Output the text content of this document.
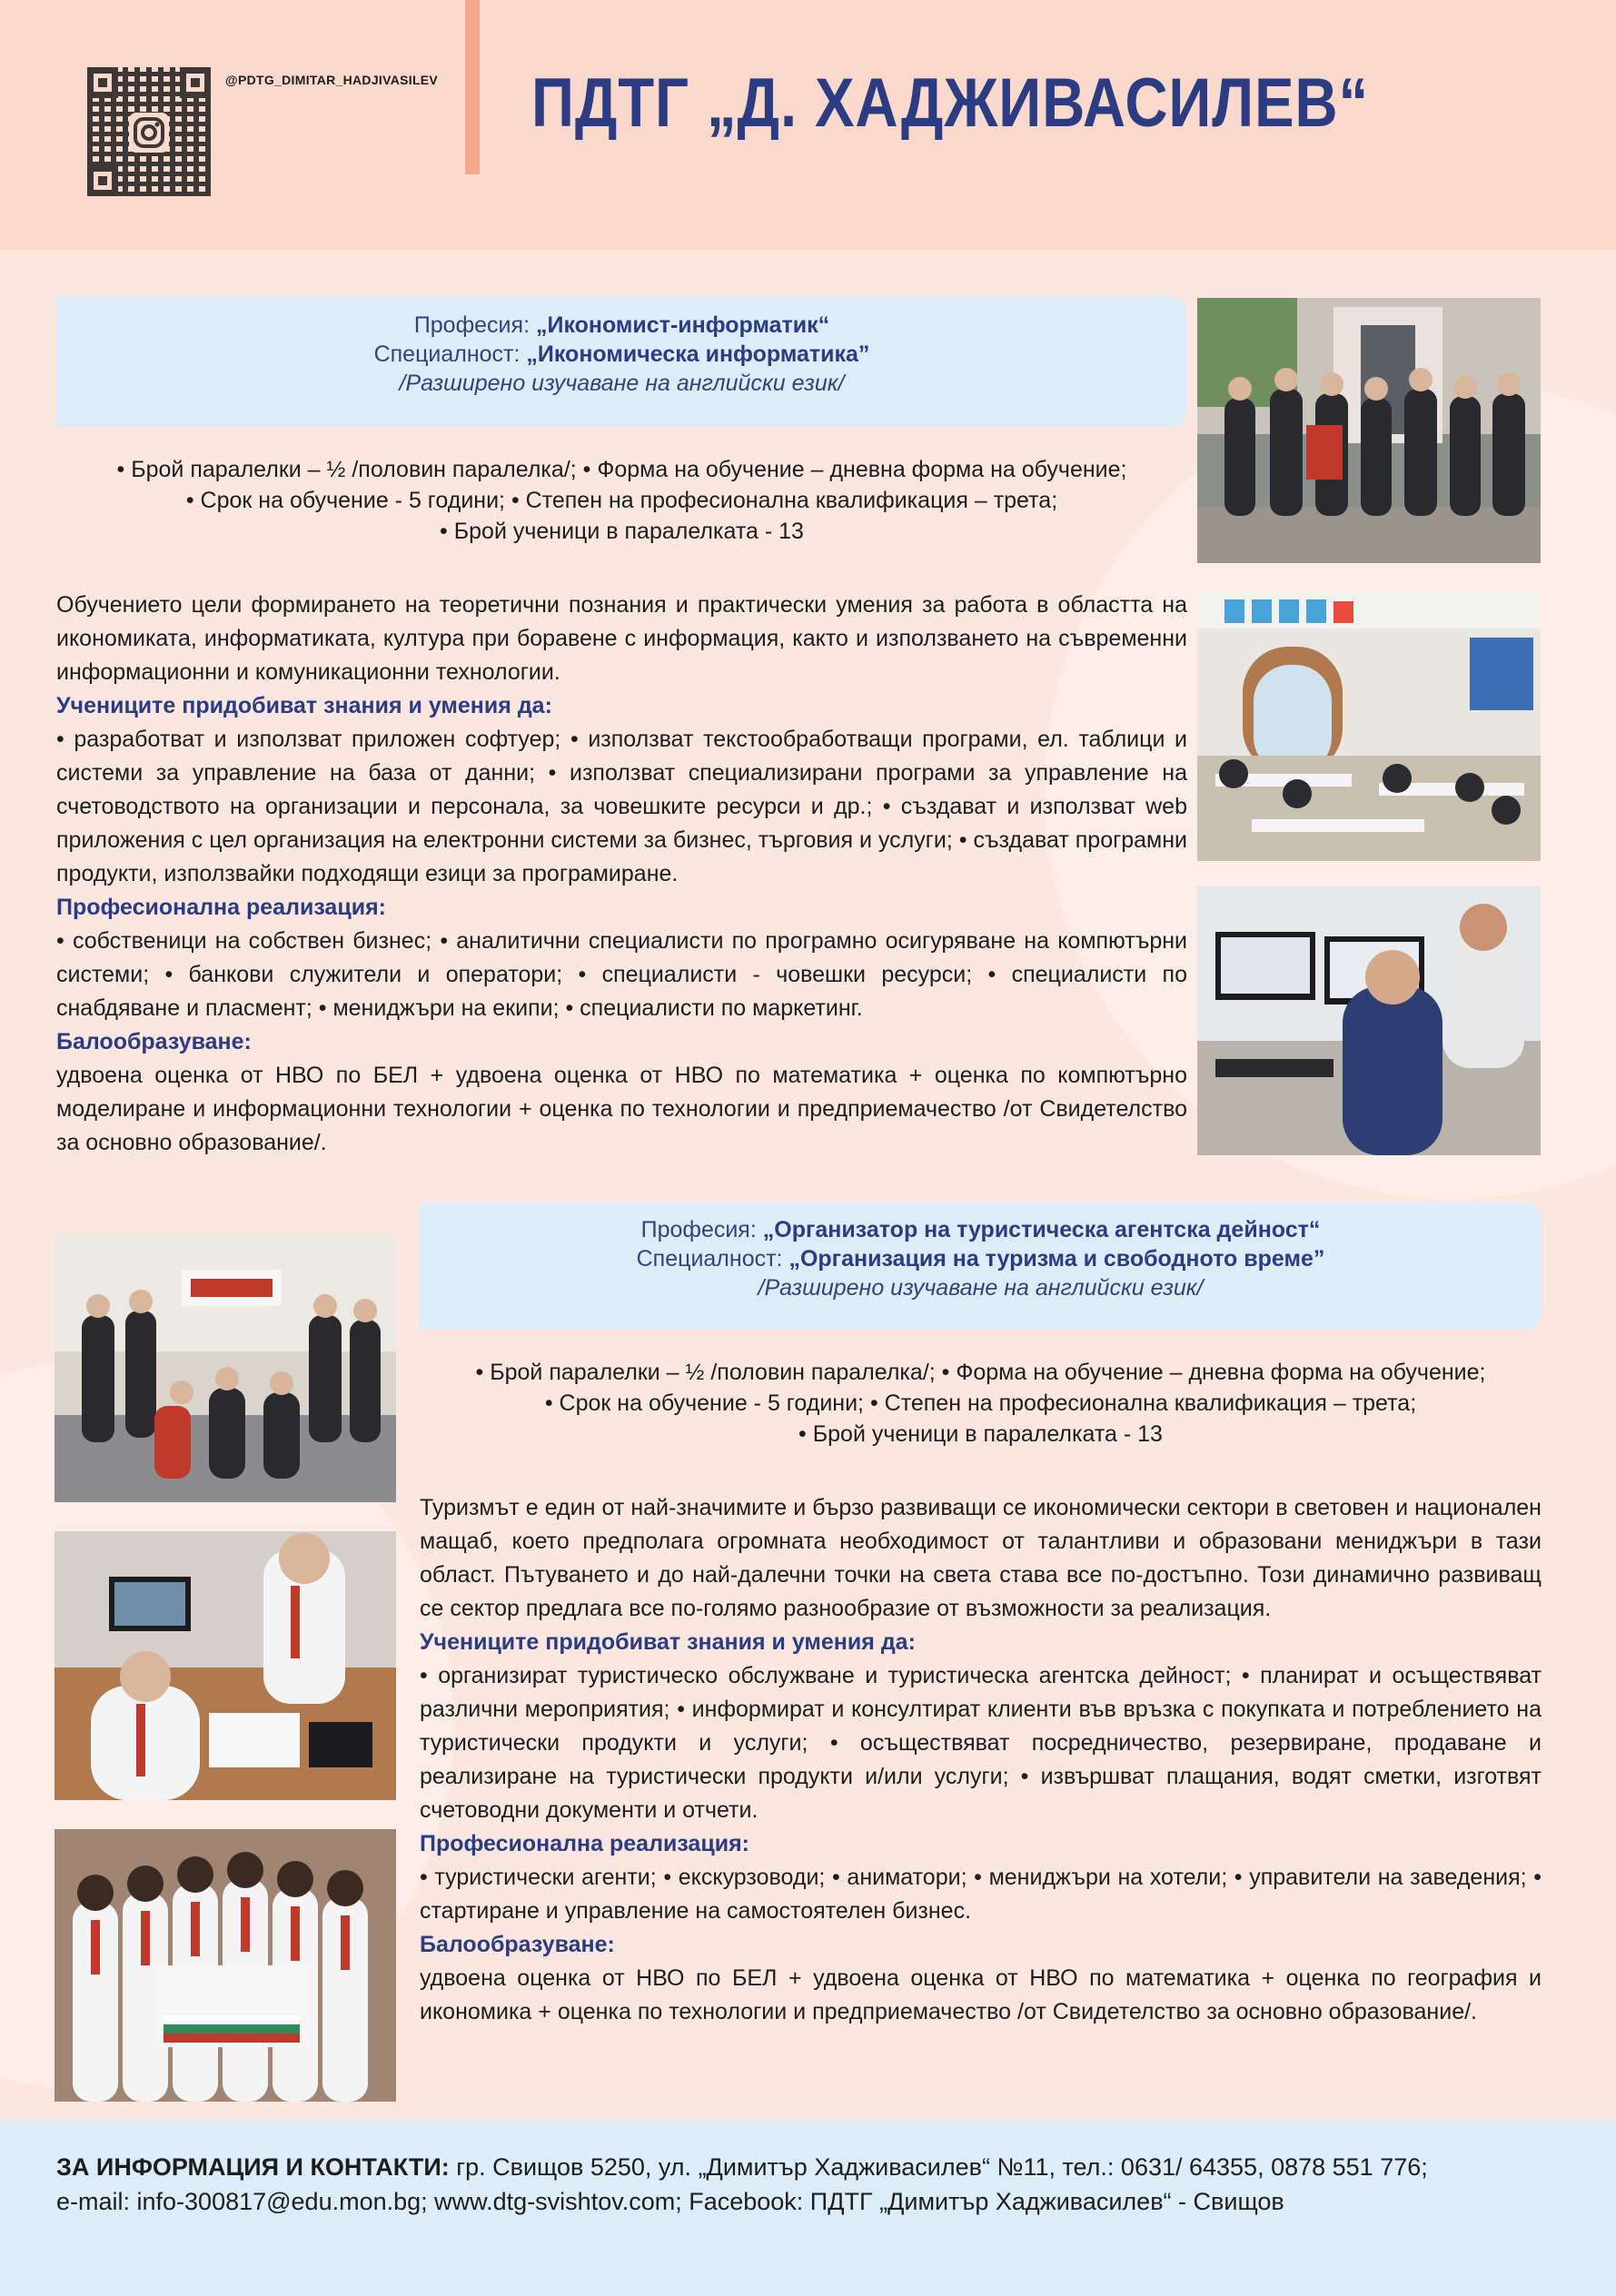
@PDTG_DIMITAR_HADJIVASILEV ПДТГ „Д. ХАДЖИВАСИЛЕВ“
Професия: „Икономист-информатик“
Специалност: „Икономическа информатика”
/Разширено изучаване на английски език/
• Брой паралелки – ½ /половин паралелка/; • Форма на обучение – дневна форма на обучение;
• Срок на обучение - 5 години; • Степен на професионална квалификация – трета;
• Брой ученици в паралелката - 13

Обучението цели формирането на теоретични познания и практически умения за работа в областта на икономиката, информатиката, култура при боравене с информация, както и използването на съвременни информационни и комуникационни технологии.

Учениците придобиват знания и умения да:

• разработват и използват приложен софтуер; • използват текстообработващи програми, ел. таблици и системи за управление на база от данни; • използват специализирани програми за управление на счетоводството на организации и персонала, за човешките ресурси и др.; • създават и използват web приложения с цел организация на електронни системи за бизнес, търговия и услуги; • създават програмни продукти, използвайки подходящи езици за програмиране.

Професионална реализация:

• собственици на собствен бизнес; • аналитични специалисти по програмно осигуряване на компютърни системи; • банкови служители и оператори; • специалисти - човешки ресурси; • специалисти по снабдяване и пласмент; • мениджъри на екипи; • специалисти по маркетинг.

Балообразуване:

удвоена оценка от НВО по БЕЛ + удвоена оценка от НВО по математика + оценка по компютърно моделиране и информационни технологии + оценка по технологии и предприемачество /от Свидетелство за основно образование/.

Професия: „Организатор на туристическа агентска дейност“
Специалност: „Организация на туризма и свободното време”
/Разширено изучаване на английски език/
• Брой паралелки – ½ /половин паралелка/; • Форма на обучение – дневна форма на обучение;
• Срок на обучение - 5 години; • Степен на професионална квалификация – трета;
• Брой ученици в паралелката - 13

Туризмът е един от най-значимите и бързо развиващи се икономически сектори в световен и национален мащаб, което предполага огромната необходимост от талантливи и образовани мениджъри в тази област. Пътуването и до най-далечни точки на света става все по-достъпно. Този динамично развиващ се сектор предлага все по-голямо разнообразие от възможности за реализация.

Учениците придобиват знания и умения да:

• организират туристическо обслужване и туристическа агентска дейност; • планират и осъществяват различни мероприятия; • информират и консултират клиенти във връзка с покупката и потреблението на туристически продукти и услуги; • осъществяват посредничество, резервиране, продаване и реализиране на туристически продукти и/или услуги; • извършват плащания, водят сметки, изготвят счетоводни документи и отчети.

Професионална реализация:

• туристически агенти; • екскурзоводи; • аниматори; • мениджъри на хотели; • управители на заведения; • стартиране и управление на самостоятелен бизнес.

Балообразуване:

удвоена оценка от НВО по БЕЛ + удвоена оценка от НВО по математика + оценка по география и икономика + оценка по технологии и предприемачество /от Свидетелство за основно образование/.

ЗА ИНФОРМАЦИЯ И КОНТАКТИ: гр. Свищов 5250, ул. „Димитър Хадживасилев“ №11, тел.: 0631/ 64355, 0878 551 776;
e-mail: info-300817@edu.mon.bg; www.dtg-svishtov.com; Facebook: ПДТГ „Димитър Хадживасилев“ - Свищов
